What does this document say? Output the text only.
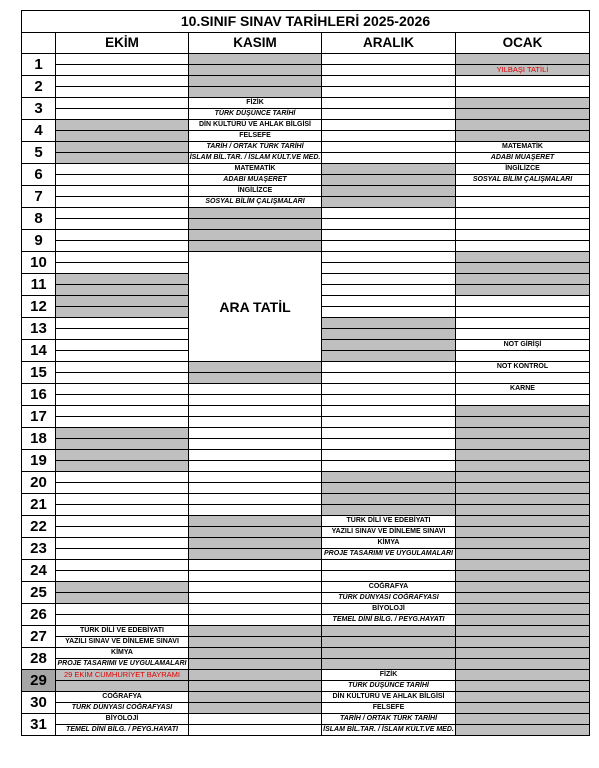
10.SINIF SINAV TARİHLERİ 2025-2026				
	EKİM	KASIM	ARALIK	OCAK
1				
				YILBAŞI TATİLİ
2				

3		FİZİK		
		TÜRK DÜŞÜNCE TARİHİ		
4		DİN KÜLTÜRÜ VE AHLAK BİLGİSİ		
		FELSEFE		
5		TARİH / ORTAK TÜRK TARİHİ		MATEMATİK
		İSLAM BİL.TAR. / İSLAM KÜLT.VE MED.		ADABI MUAŞERET
6		MATEMATİK		İNGİLİZCE
		ADABI MUAŞERET		SOSYAL BİLİM ÇALIŞMALARI
7		İNGİLİZCE		
		SOSYAL BİLİM ÇALIŞMALARI		
8				

9				

10		ARA TATİL		

11				

12				

13				

14				NOT GİRİŞİ

15				NOT KONTROL

16				KARNE

17				

18				

19				

20				

21				

22			TÜRK DİLİ VE EDEBİYATI	
			YAZILI SINAV VE DİNLEME SINAVI	
23			KİMYA	
			PROJE TASARIMI VE UYGULAMALARI	
24				

25			COĞRAFYA	
			TÜRK DÜNYASI COĞRAFYASI	
26			BİYOLOJİ	
			TEMEL DİNİ BİLG. / PEYG.HAYATI	
27	TÜRK DİLİ VE EDEBİYATI			
	YAZILI SINAV VE DİNLEME SINAVI			
28	KİMYA			
	PROJE TASARIMI VE UYGULAMALARI			
29	29 EKİM CUMHURİYET BAYRAMI		FİZİK	
			TÜRK DÜŞÜNCE TARİHİ	
30	COĞRAFYA		DİN KÜLTÜRÜ VE AHLAK BİLGİSİ	
	TÜRK DÜNYASI COĞRAFYASI		FELSEFE	
31	BİYOLOJİ		TARİH / ORTAK TÜRK TARİHİ	
	TEMEL DİNİ BİLG. / PEYG.HAYATI		İSLAM BİL.TAR. / İSLAM KÜLT.VE MED.	
